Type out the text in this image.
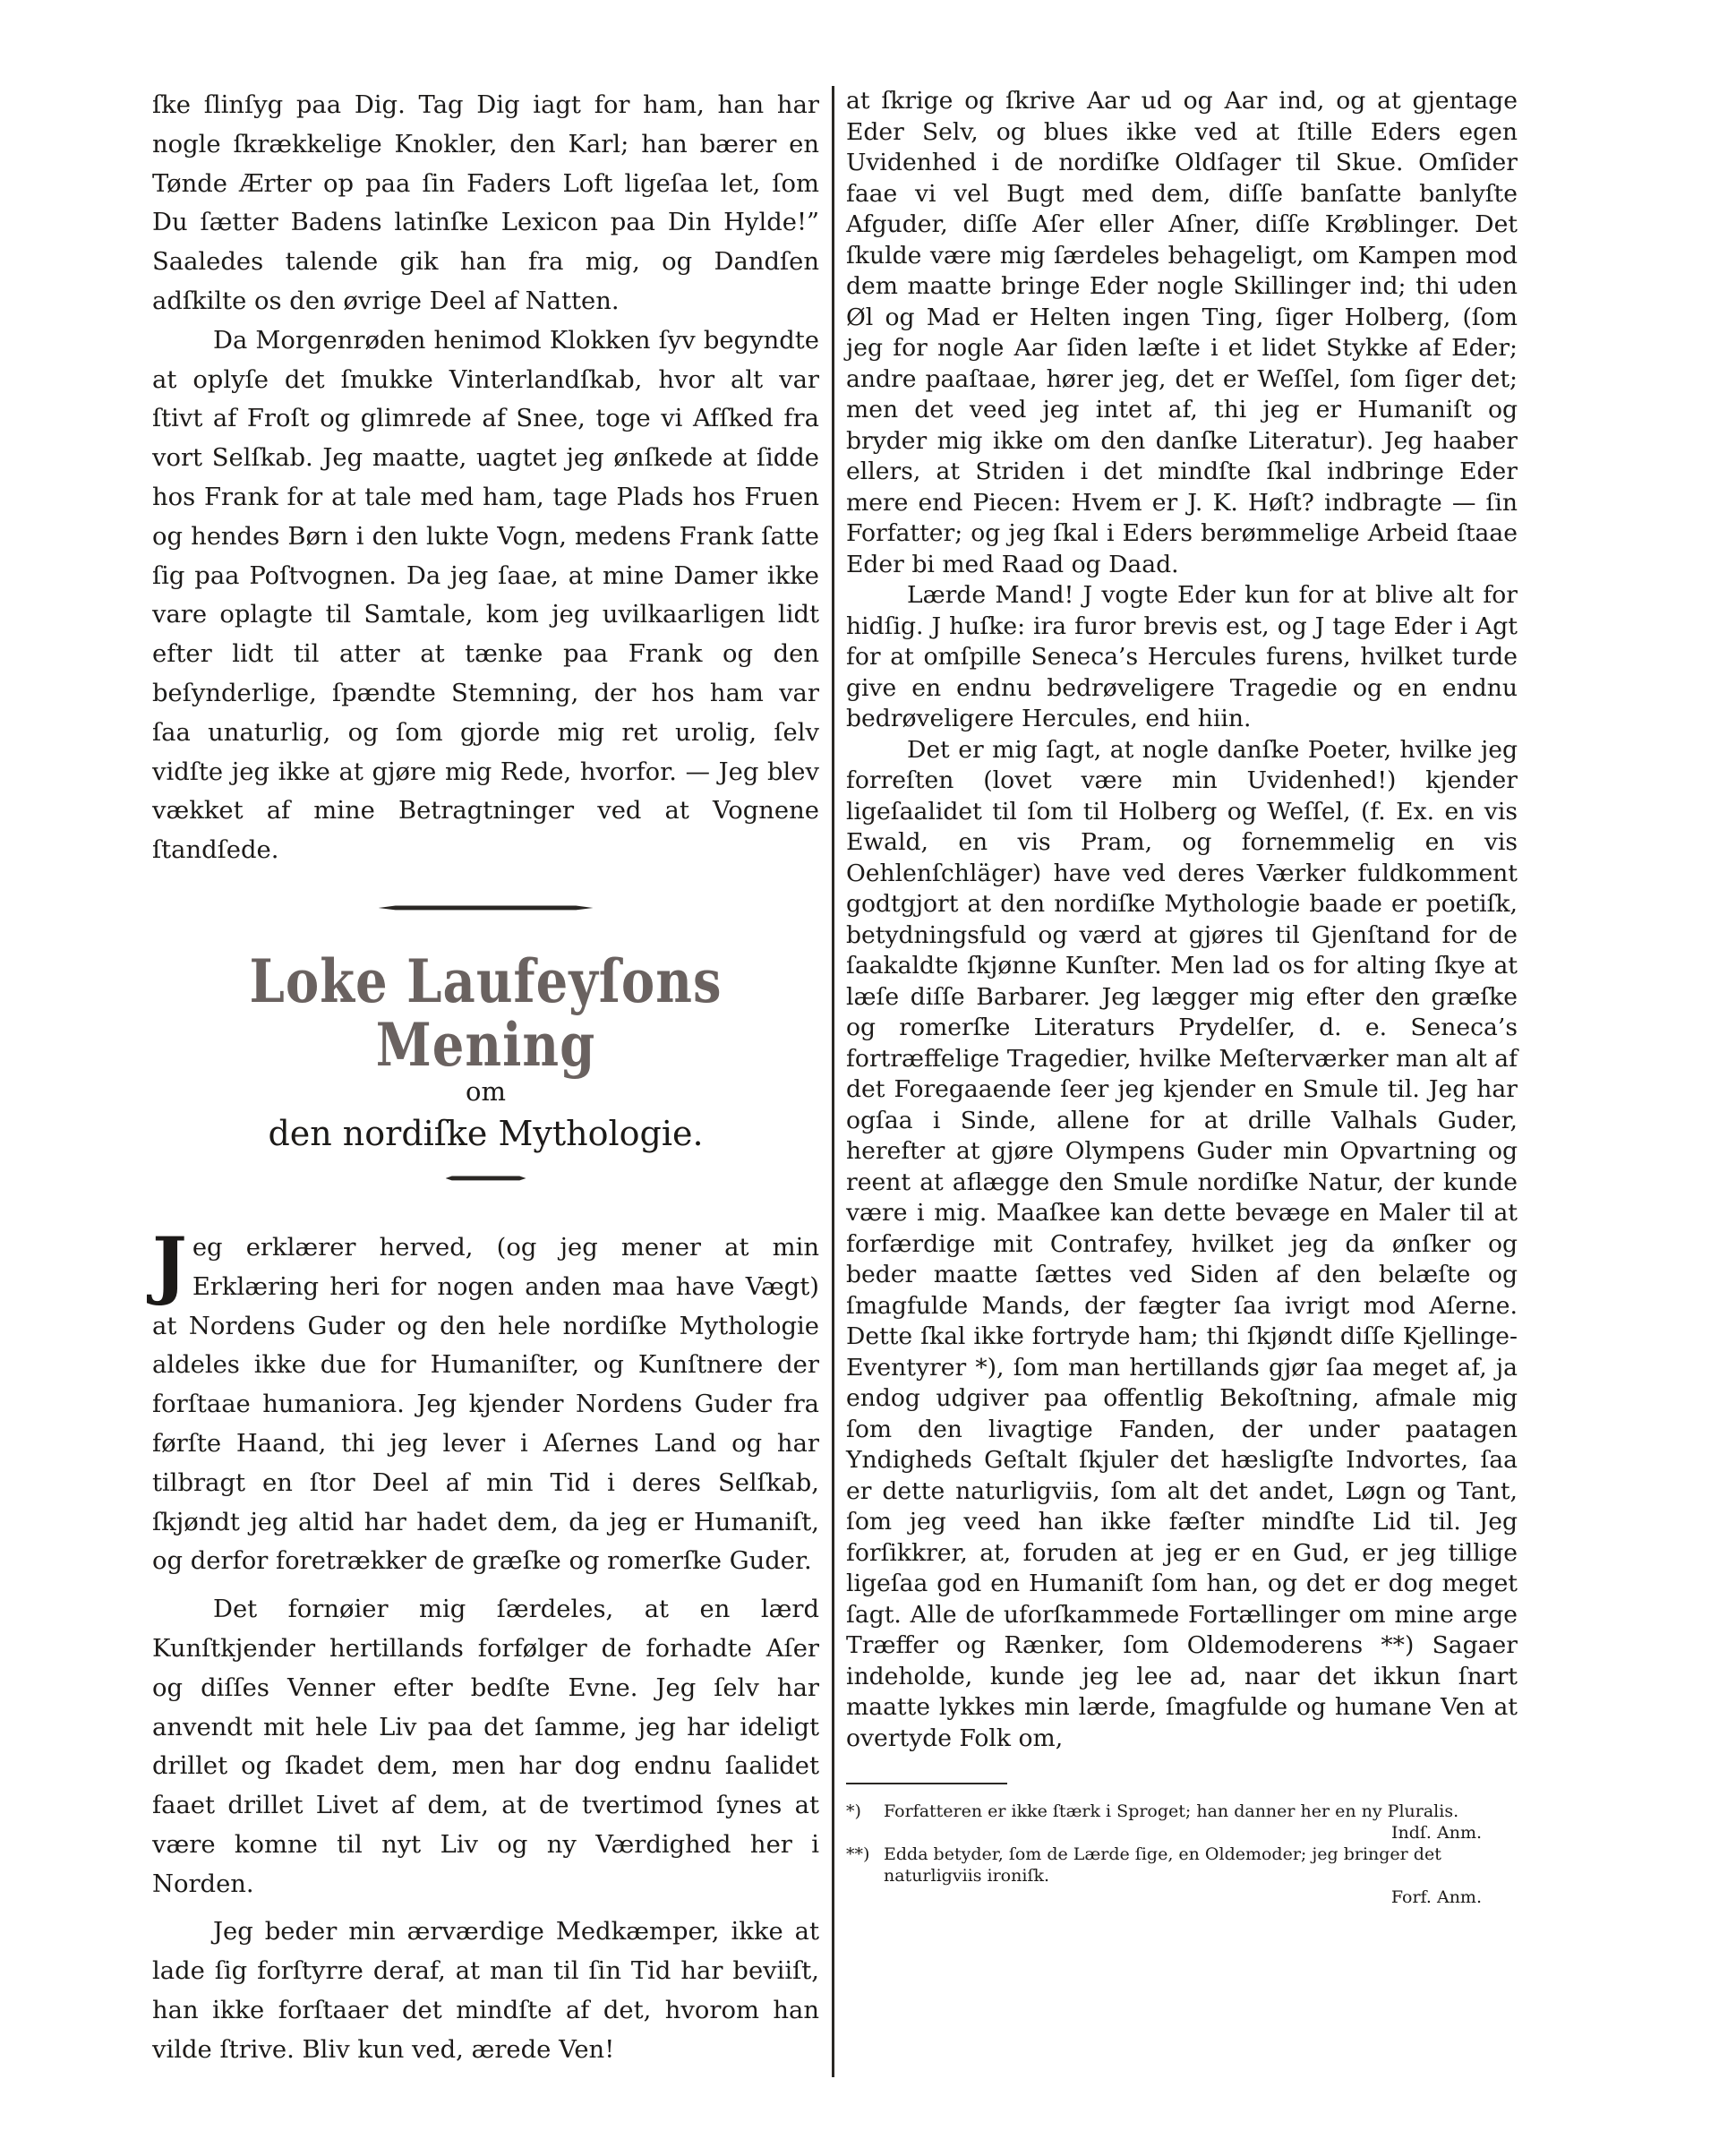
ſke ſlinſyg paa Dig. Tag Dig iagt for ham, han har nogle ſkrækkelige Knokler, den Karl; han bærer en Tønde Ærter op paa ſin Faders Loft ligeſaa let, ſom Du ſætter Badens latinſke Lexicon paa Din Hylde!” Saaledes talende gik han fra mig, og Dandſen adſkilte os den øvrige Deel af Natten.

Da Morgenrøden henimod Klokken ſyv begyndte at oplyſe det ſmukke Vinterlandſkab, hvor alt var ſtivt af Froſt og glimrede af Snee, toge vi Afſked fra vort Selſkab. Jeg maatte, uagtet jeg ønſkede at ſidde hos Frank for at tale med ham, tage Plads hos Fruen og hendes Børn i den lukte Vogn, medens Frank ſatte ſig paa Poſtvognen. Da jeg ſaae, at mine Damer ikke vare oplagte til Samtale, kom jeg uvilkaarligen lidt efter lidt til atter at tænke paa Frank og den beſynderlige, ſpændte Stemning, der hos ham var ſaa unaturlig, og ſom gjorde mig ret urolig, ſelv vidſte jeg ikke at gjøre mig Rede, hvorfor. — Jeg blev vækket af mine Betragtninger ved at Vognene ſtandſede.

Loke Laufeyſons Mening
om
den nordiſke Mythologie.

Jeg erklærer herved, (og jeg mener at min Erklæring heri for nogen anden maa have Vægt) at Nordens Guder og den hele nordiſke Mythologie aldeles ikke due for Humaniſter, og Kunſtnere der forſtaae humaniora. Jeg kjender Nordens Guder fra førſte Haand, thi jeg lever i Aſernes Land og har tilbragt en ſtor Deel af min Tid i deres Selſkab, ſkjøndt jeg altid har hadet dem, da jeg er Humaniſt, og derfor foretrækker de græſke og romerſke Guder.

Det fornøier mig ſærdeles, at en lærd Kunſtkjender hertillands forfølger de forhadte Aſer og diſſes Venner efter bedſte Evne. Jeg ſelv har anvendt mit hele Liv paa det ſamme, jeg har ideligt drillet og ſkadet dem, men har dog endnu ſaalidet faaet drillet Livet af dem, at de tvertimod ſynes at være komne til nyt Liv og ny Værdighed her i Norden.

Jeg beder min ærværdige Medkæmper, ikke at lade ſig forſtyrre deraf, at man til ſin Tid har beviiſt, han ikke forſtaaer det mindſte af det, hvorom han vilde ſtrive. Bliv kun ved, ærede Ven!

at ſkrige og ſkrive Aar ud og Aar ind, og at gjentage Eder Selv, og blues ikke ved at ſtille Eders egen Uvidenhed i de nordiſke Oldſager til Skue. Omſider faae vi vel Bugt med dem, diſſe banſatte banlyſte Afguder, diſſe Aſer eller Aſner, diſſe Krøblinger. Det ſkulde være mig ſærdeles behageligt, om Kampen mod dem maatte bringe Eder nogle Skillinger ind; thi uden Øl og Mad er Helten ingen Ting, ſiger Holberg, (ſom jeg for nogle Aar ſiden læſte i et lidet Stykke af Eder; andre paaſtaae, hører jeg, det er Weſſel, ſom ſiger det; men det veed jeg intet af, thi jeg er Humaniſt og bryder mig ikke om den danſke Literatur). Jeg haaber ellers, at Striden i det mindſte ſkal indbringe Eder mere end Piecen: Hvem er J. K. Høſt? indbragte — ſin Forfatter; og jeg ſkal i Eders berømmelige Arbeid ſtaae Eder bi med Raad og Daad.

Lærde Mand! J vogte Eder kun for at blive alt for hidſig. J huſke: ira furor brevis est, og J tage Eder i Agt for at omſpille Seneca’s Hercules furens, hvilket turde give en endnu bedrøveligere Tragedie og en endnu bedrøveligere Hercules, end hiin.

Det er mig ſagt, at nogle danſke Poeter, hvilke jeg forreſten (lovet være min Uvidenhed!) kjender ligeſaalidet til ſom til Holberg og Weſſel, (f. Ex. en vis Ewald, en vis Pram, og fornemmelig en vis Oehlenſchläger) have ved deres Værker fuldkomment godtgjort at den nordiſke Mythologie baade er poetiſk, betydningsfuld og værd at gjøres til Gjenſtand for de ſaakaldte ſkjønne Kunſter. Men lad os for alting ſkye at læſe diſſe Barbarer. Jeg lægger mig efter den græſke og romerſke Literaturs Prydelſer, d. e. Seneca’s fortræffelige Tragedier, hvilke Meſterværker man alt af det Foregaaende ſeer jeg kjender en Smule til. Jeg har ogſaa i Sinde, allene for at drille Valhals Guder, herefter at gjøre Olympens Guder min Opvartning og reent at aflægge den Smule nordiſke Natur, der kunde være i mig. Maaſkee kan dette bevæge en Maler til at forfærdige mit Contrafey, hvilket jeg da ønſker og beder maatte ſættes ved Siden af den belæſte og ſmagfulde Mands, der fægter ſaa ivrigt mod Aſerne. Dette ſkal ikke fortryde ham; thi ſkjøndt diſſe Kjellinge-Eventyrer *), ſom man hertillands gjør ſaa meget af, ja endog udgiver paa offentlig Bekoſtning, afmale mig ſom den livagtige Fanden, der under paatagen Yndigheds Geſtalt ſkjuler det hæsligſte Indvortes, ſaa er dette naturligviis, ſom alt det andet, Løgn og Tant, ſom jeg veed han ikke fæſter mindſte Lid til. Jeg forſikkrer, at, foruden at jeg er en Gud, er jeg tillige ligeſaa god en Humaniſt ſom han, og det er dog meget ſagt. Alle de uforſkammede Fortællinger om mine arge Træffer og Rænker, ſom Oldemoderens **) Sagaer indeholde, kunde jeg lee ad, naar det ikkun ſnart maatte lykkes min lærde, ſmagfulde og humane Ven at overtyde Folk om,

*) Forfatteren er ikke ſtærk i Sproget; han danner her en ny Pluralis.
Indſ. Anm.
**) Edda betyder, ſom de Lærde ſige, en Oldemoder; jeg bringer det naturligviis ironiſk.
Forf. Anm.
